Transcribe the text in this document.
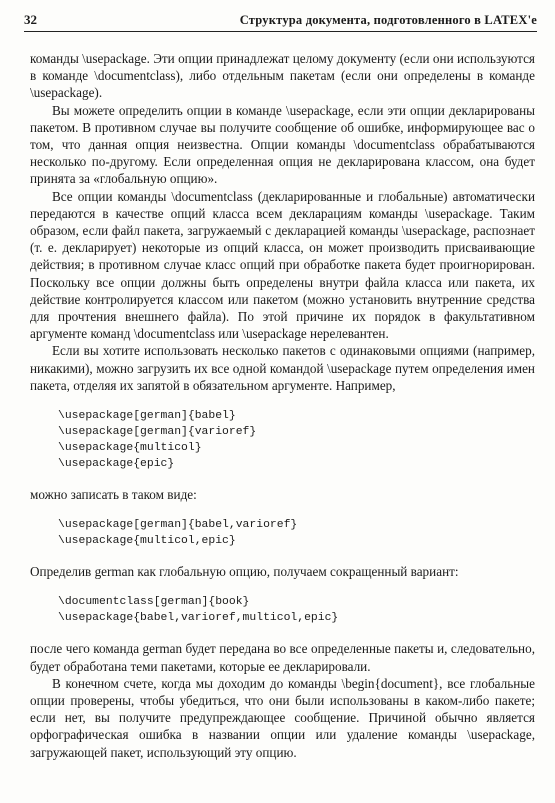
32	Структура документа, подготовленного в LATEX'е

команды \usepackage. Эти опции принадлежат целому документу (если они используются в команде \documentclass), либо отдельным пакетам (если они определены в команде \usepackage).

Вы можете определить опции в команде \usepackage, если эти опции декларированы пакетом. В противном случае вы получите сообщение об ошибке, информирующее вас о том, что данная опция неизвестна. Опции команды \documentclass обрабатываются несколько по-другому. Если определенная опция не декларирована классом, она будет принята за «глобальную опцию».

Все опции команды \documentclass (декларированные и глобальные) автоматически передаются в качестве опций класса всем декларациям команды \usepackage. Таким образом, если файл пакета, загружаемый с декларацией команды \usepackage, распознает (т. е. декларирует) некоторые из опций класса, он может производить присваивающие действия; в противном случае класс опций при обработке пакета будет проигнорирован. Поскольку все опции должны быть определены внутри файла класса или пакета, их действие контролируется классом или пакетом (можно установить внутренние средства для прочтения внешнего файла). По этой причине их порядок в факультативном аргументе команд \documentclass или \usepackage нерелевантен.

Если вы хотите использовать несколько пакетов с одинаковыми опциями (например, никакими), можно загрузить их все одной командой \usepackage путем определения имен пакета, отделяя их запятой в обязательном аргументе. Например,

\usepackage[german]{babel}
\usepackage[german]{varioref}
\usepackage{multicol}
\usepackage{epic}

можно записать в таком виде:

\usepackage[german]{babel,varioref}
\usepackage{multicol,epic}

Определив german как глобальную опцию, получаем сокращенный вариант:

\documentclass[german]{book}
\usepackage{babel,varioref,multicol,epic}

после чего команда german будет передана во все определенные пакеты и, следовательно, будет обработана теми пакетами, которые ее декларировали.

В конечном счете, когда мы доходим до команды \begin{document}, все глобальные опции проверены, чтобы убедиться, что они были использованы в каком-либо пакете; если нет, вы получите предупреждающее сообщение. Причиной обычно является орфографическая ошибка в названии опции или удаление команды \usepackage, загружающей пакет, использующий эту опцию.
